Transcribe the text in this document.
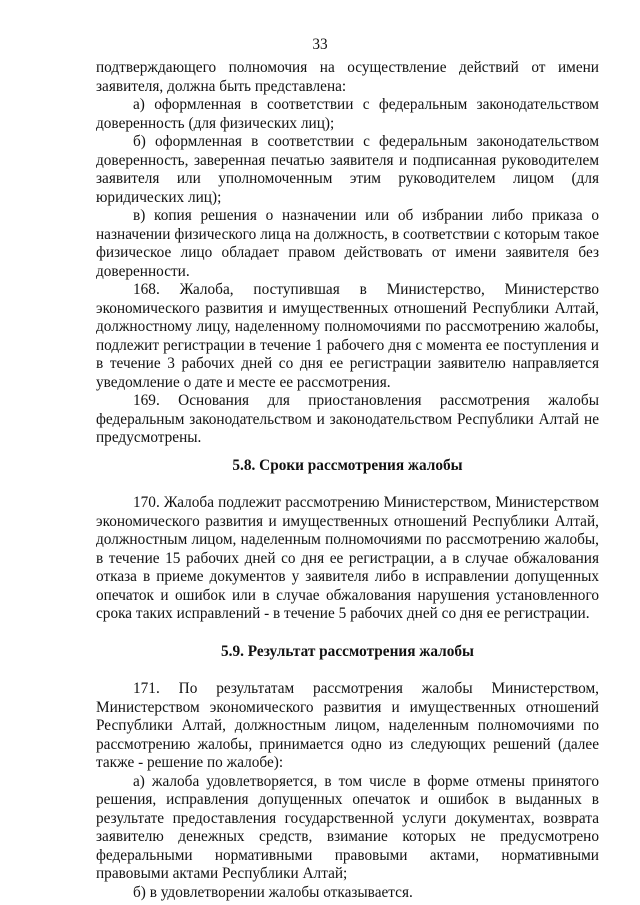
33

подтверждающего полномочия на осуществление действий от имени заявителя, должна быть представлена:

а) оформленная в соответствии с федеральным законодательством доверенность (для физических лиц);

б) оформленная в соответствии с федеральным законодательством доверенность, заверенная печатью заявителя и подписанная руководителем заявителя или уполномоченным этим руководителем лицом (для юридических лиц);

в) копия решения о назначении или об избрании либо приказа о назначении физического лица на должность, в соответствии с которым такое физическое лицо обладает правом действовать от имени заявителя без доверенности.

168. Жалоба, поступившая в Министерство, Министерство экономического развития и имущественных отношений Республики Алтай, должностному лицу, наделенному полномочиями по рассмотрению жалобы, подлежит регистрации в течение 1 рабочего дня с момента ее поступления и в течение 3 рабочих дней со дня ее регистрации заявителю направляется уведомление о дате и месте ее рассмотрения.

169. Основания для приостановления рассмотрения жалобы федеральным законодательством и законодательством Республики Алтай не предусмотрены.

5.8. Сроки рассмотрения жалобы

170. Жалоба подлежит рассмотрению Министерством, Министерством экономического развития и имущественных отношений Республики Алтай, должностным лицом, наделенным полномочиями по рассмотрению жалобы, в течение 15 рабочих дней со дня ее регистрации, а в случае обжалования отказа в приеме документов у заявителя либо в исправлении допущенных опечаток и ошибок или в случае обжалования нарушения установленного срока таких исправлений - в течение 5 рабочих дней со дня ее регистрации.

5.9. Результат рассмотрения жалобы

171. По результатам рассмотрения жалобы Министерством, Министерством экономического развития и имущественных отношений Республики Алтай, должностным лицом, наделенным полномочиями по рассмотрению жалобы, принимается одно из следующих решений (далее также - решение по жалобе):

а) жалоба удовлетворяется, в том числе в форме отмены принятого решения, исправления допущенных опечаток и ошибок в выданных в результате предоставления государственной услуги документах, возврата заявителю денежных средств, взимание которых не предусмотрено федеральными нормативными правовыми актами, нормативными правовыми актами Республики Алтай;

б) в удовлетворении жалобы отказывается.
